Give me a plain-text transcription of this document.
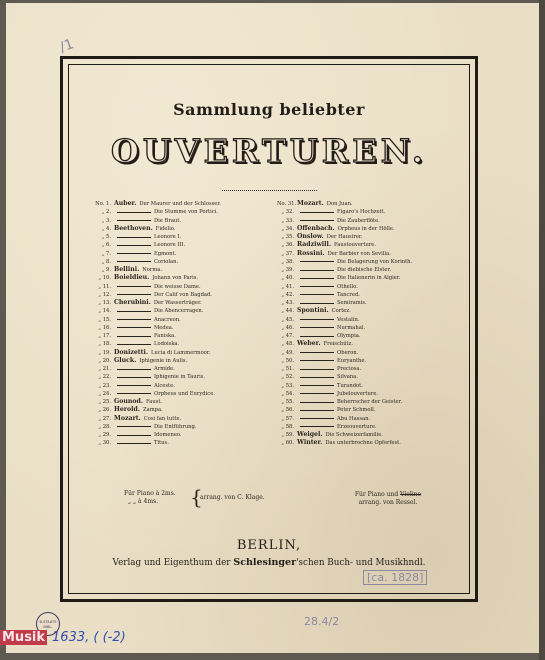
/1
Sammlung beliebter
OUVERTUREN.
No. 1. Auber. Der Maurer und der Schlosser.
„ 2.	Die Stumme von Portici.
„ 3.	Die Braut.
„ 4. Beethoven. Fidelio.
„ 5.	Leonore I.
„ 6.	Leonore III.
„ 7.	Egmont.
„ 8.	Coriolan.
„ 9. Bellini. Norma.
„ 10. Boieldieu. Johann von Paris.
„ 11.	Die weisse Dame.
„ 12.	Der Calif von Bagdad.
„ 13. Cherubini. Der Wasserträger.
„ 14.	Die Abencerragen.
„ 15.	Anacreon.
„ 16.	Medea.
„ 17.	Faniska.
„ 18.	Lodoiska.
„ 19. Donizetti. Lucia di Lammermoor.
„ 20. Gluck. Iphigenie in Aulis.
„ 21.	Armide.
„ 22.	Iphigenie in Tauris.
„ 23.	Alceste.
„ 24.	Orpheus und Eurydice.
„ 25. Gounod. Faust.
„ 26. Herold. Zampa.
„ 27. Mozart. Cosi fan tutte.
„ 28.	Die Entführung.
„ 29.	Idomeneo.
„ 30.	Titus.
No. 31. Mozart. Don Juan.
„ 32.	Figaro's Hochzeit.
„ 33.	Die Zauberflöte.
„ 34. Offenbach. Orpheus in der Hölle.
„ 35. Onslow. Der Hausirer.
„ 36. Radziwill. Faustouverture.
„ 37. Rossini. Der Barbier von Sevilla.
„ 38.	Die Belagerung von Korinth.
„ 39.	Die diebische Elster.
„ 40.	Die Italienerin in Algier.
„ 41.	Othello.
„ 42.	Tancred.
„ 43.	Semiramis.
„ 44. Spontini. Cortez.
„ 45.	Vestalin.
„ 46.	Nurmahal.
„ 47.	Olympia.
„ 48. Weber. Freischütz.
„ 49.	Oberon.
„ 50.	Euryanthe.
„ 51.	Preciosa.
„ 52.	Silvana.
„ 53.	Turandot.
„ 54.	Jubelouverture.
„ 55.	Beherrscher der Geister.
„ 56.	Peter Schmoll.
„ 57.	Abu Hassan.
„ 58.	Erzeouverture.
„ 59. Weigel. Die Schweizerfamilie.
„ 60. Winter. Das unterbrochne Opferfest.
Für Piano à 2ms.
„ „ à 4ms.	{
arrang. von C. Klage.	Für Piano und Violine
arrang. von Ressel.
BERLIN,
Verlag und Eigenthum der Schlesinger'schen Buch- und Musikhndl.
[ca. 1828]
28.4/2
B.STAATS BIBL.
Musik 1633, ( (-2)
